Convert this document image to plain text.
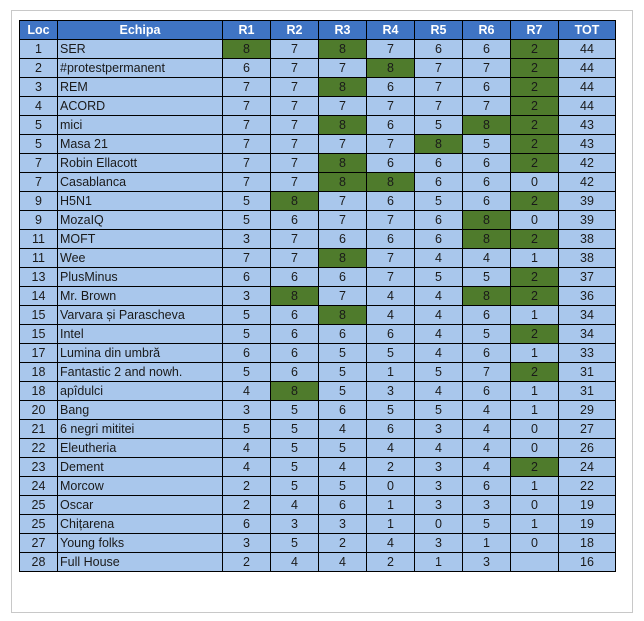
Loc	Echipa	R1	R2	R3	R4	R5	R6	R7	TOT
1	SER	8	7	8	7	6	6	2	44
2	#protestpermanent	6	7	7	8	7	7	2	44
3	REM	7	7	8	6	7	6	2	44
4	ACORD	7	7	7	7	7	7	2	44
5	mici	7	7	8	6	5	8	2	43
5	Masa 21	7	7	7	7	8	5	2	43
7	Robin Ellacott	7	7	8	6	6	6	2	42
7	Casablanca	7	7	8	8	6	6	0	42
9	H5N1	5	8	7	6	5	6	2	39
9	MozaIQ	5	6	7	7	6	8	0	39
11	MOFT	3	7	6	6	6	8	2	38
11	Wee	7	7	8	7	4	4	1	38
13	PlusMinus	6	6	6	7	5	5	2	37
14	Mr. Brown	3	8	7	4	4	8	2	36
15	Varvara și Parascheva	5	6	8	4	4	6	1	34
15	Intel	5	6	6	6	4	5	2	34
17	Lumina din umbră	6	6	5	5	4	6	1	33
18	Fantastic 2 and nowh.	5	6	5	1	5	7	2	31
18	apîdulci	4	8	5	3	4	6	1	31
20	Bang	3	5	6	5	5	4	1	29
21	6 negri mititei	5	5	4	6	3	4	0	27
22	Eleutheria	4	5	5	4	4	4	0	26
23	Dement	4	5	4	2	3	4	2	24
24	Morcow	2	5	5	0	3	6	1	22
25	Oscar	2	4	6	1	3	3	0	19
25	Chițarena	6	3	3	1	0	5	1	19
27	Young folks	3	5	2	4	3	1	0	18
28	Full House	2	4	4	2	1	3		16
